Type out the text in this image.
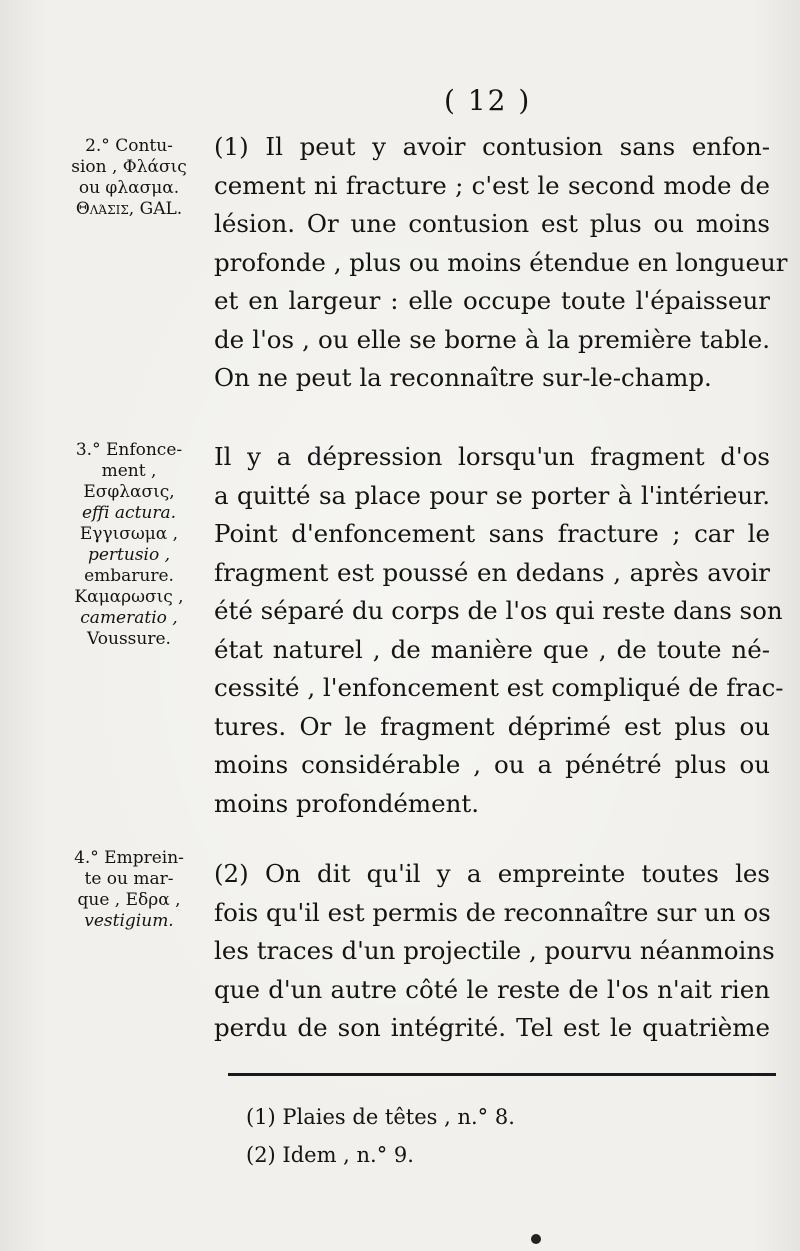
( 12 )
2.° Contu-
sion , Φλάσις
ou φλασμα.
Θλάσις, GAL.
3.° Enfonce-
ment ,
Εσφλασις,
effi actura.
Εγγισωμα ,
pertusio ,
embarure.
Καμαρωσις ,
cameratio ,
Voussure.
4.° Emprein-
te ou mar-
que , Εδρα ,
vestigium.
(1) Il peut y avoir contusion sans enfon-
cement ni fracture ; c'est le second mode de
lésion. Or une contusion est plus ou moins
profonde , plus ou moins étendue en longueur
et en largeur : elle occupe toute l'épaisseur
de l'os , ou elle se borne à la première table.
On ne peut la reconnaître sur-le-champ.
Il y a dépression lorsqu'un fragment d'os
a quitté sa place pour se porter à l'intérieur.
Point d'enfoncement sans fracture ; car le
fragment est poussé en dedans , après avoir
été séparé du corps de l'os qui reste dans son
état naturel , de manière que , de toute né-
cessité , l'enfoncement est compliqué de frac-
tures. Or le fragment déprimé est plus ou
moins considérable , ou a pénétré plus ou
moins profondément.
(2) On dit qu'il y a empreinte toutes les
fois qu'il est permis de reconnaître sur un os
les traces d'un projectile , pourvu néanmoins
que d'un autre côté le reste de l'os n'ait rien
perdu de son intégrité. Tel est le quatrième
(1) Plaies de têtes , n.° 8.
(2) Idem , n.° 9.
